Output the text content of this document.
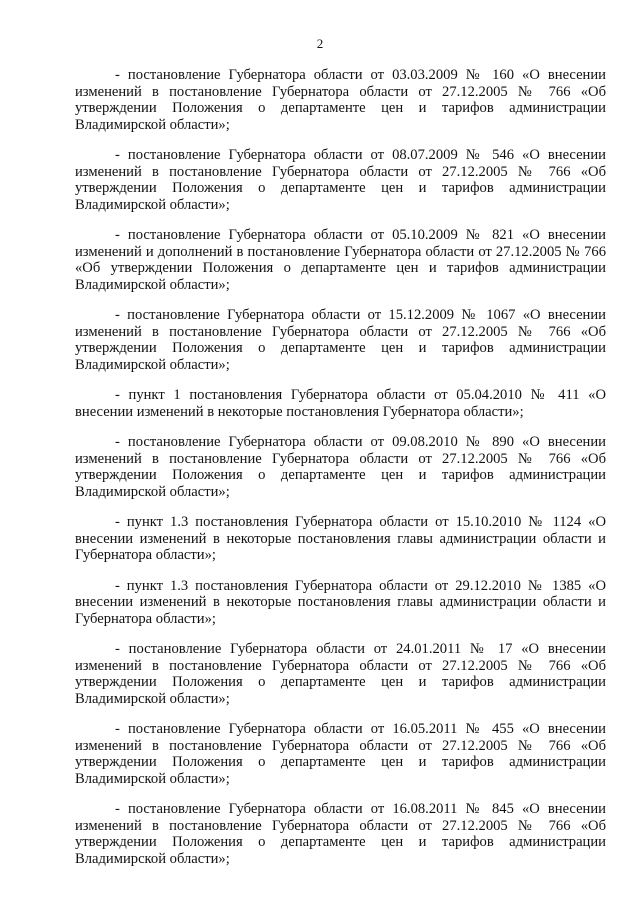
2

- постановление Губернатора области от 03.03.2009 № 160 «О внесении изменений в постановление Губернатора области от 27.12.2005 № 766 «Об утверждении Положения о департаменте цен и тарифов администрации Владимирской области»;

- постановление Губернатора области от 08.07.2009 № 546 «О внесении изменений в постановление Губернатора области от 27.12.2005 № 766 «Об утверждении Положения о департаменте цен и тарифов администрации Владимирской области»;

- постановление Губернатора области от 05.10.2009 № 821 «О внесении изменений и дополнений в постановление Губернатора области от 27.12.2005 № 766 «Об утверждении Положения о департаменте цен и тарифов администрации Владимирской области»;

- постановление Губернатора области от 15.12.2009 № 1067 «О внесении изменений в постановление Губернатора области от 27.12.2005 № 766 «Об утверждении Положения о департаменте цен и тарифов администрации Владимирской области»;

- пункт 1 постановления Губернатора области от 05.04.2010 № 411 «О внесении изменений в некоторые постановления Губернатора области»;

- постановление Губернатора области от 09.08.2010 № 890 «О внесении изменений в постановление Губернатора области от 27.12.2005 № 766 «Об утверждении Положения о департаменте цен и тарифов администрации Владимирской области»;

- пункт 1.3 постановления Губернатора области от 15.10.2010 № 1124 «О внесении изменений в некоторые постановления главы администрации области и Губернатора области»;

- пункт 1.3 постановления Губернатора области от 29.12.2010 № 1385 «О внесении изменений в некоторые постановления главы администрации области и Губернатора области»;

- постановление Губернатора области от 24.01.2011 № 17 «О внесении изменений в постановление Губернатора области от 27.12.2005 № 766 «Об утверждении Положения о департаменте цен и тарифов администрации Владимирской области»;

- постановление Губернатора области от 16.05.2011 № 455 «О внесении изменений в постановление Губернатора области от 27.12.2005 № 766 «Об утверждении Положения о департаменте цен и тарифов администрации Владимирской области»;

- постановление Губернатора области от 16.08.2011 № 845 «О внесении изменений в постановление Губернатора области от 27.12.2005 № 766 «Об утверждении Положения о департаменте цен и тарифов администрации Владимирской области»;
